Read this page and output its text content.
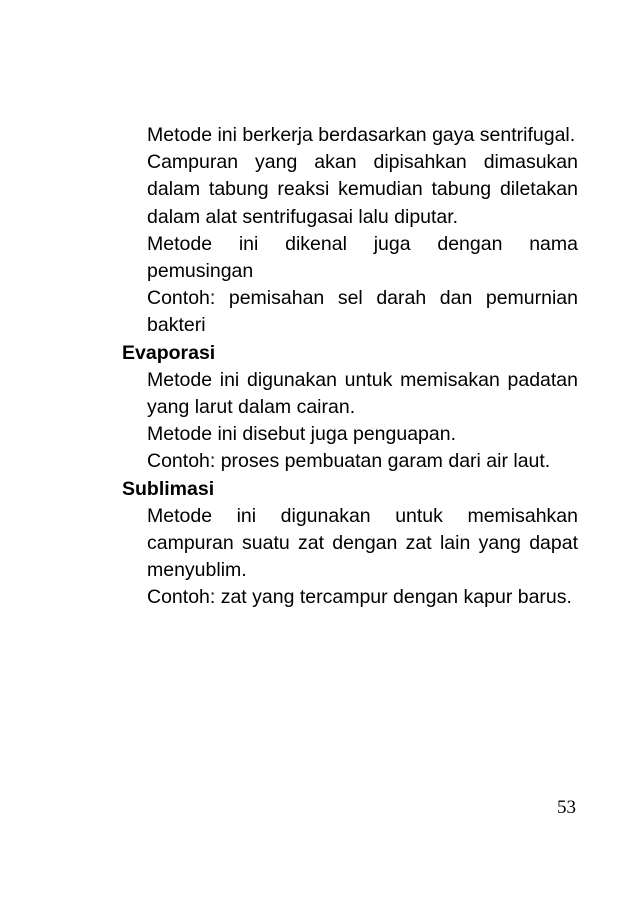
Metode ini berkerja berdasarkan gaya sentrifugal.

Campuran yang akan dipisahkan dimasukan dalam tabung reaksi kemudian tabung diletakan dalam alat sentrifugasai lalu diputar.

Metode ini dikenal juga dengan nama pemusingan

Contoh: pemisahan sel darah dan pemurnian bakteri

Evaporasi

Metode ini digunakan untuk memisakan padatan yang larut dalam cairan.

Metode ini disebut juga penguapan.

Contoh: proses pembuatan garam dari air laut.

Sublimasi

Metode ini digunakan untuk memisahkan campuran suatu zat dengan zat lain yang dapat menyublim.

Contoh: zat yang tercampur dengan kapur barus.

53
